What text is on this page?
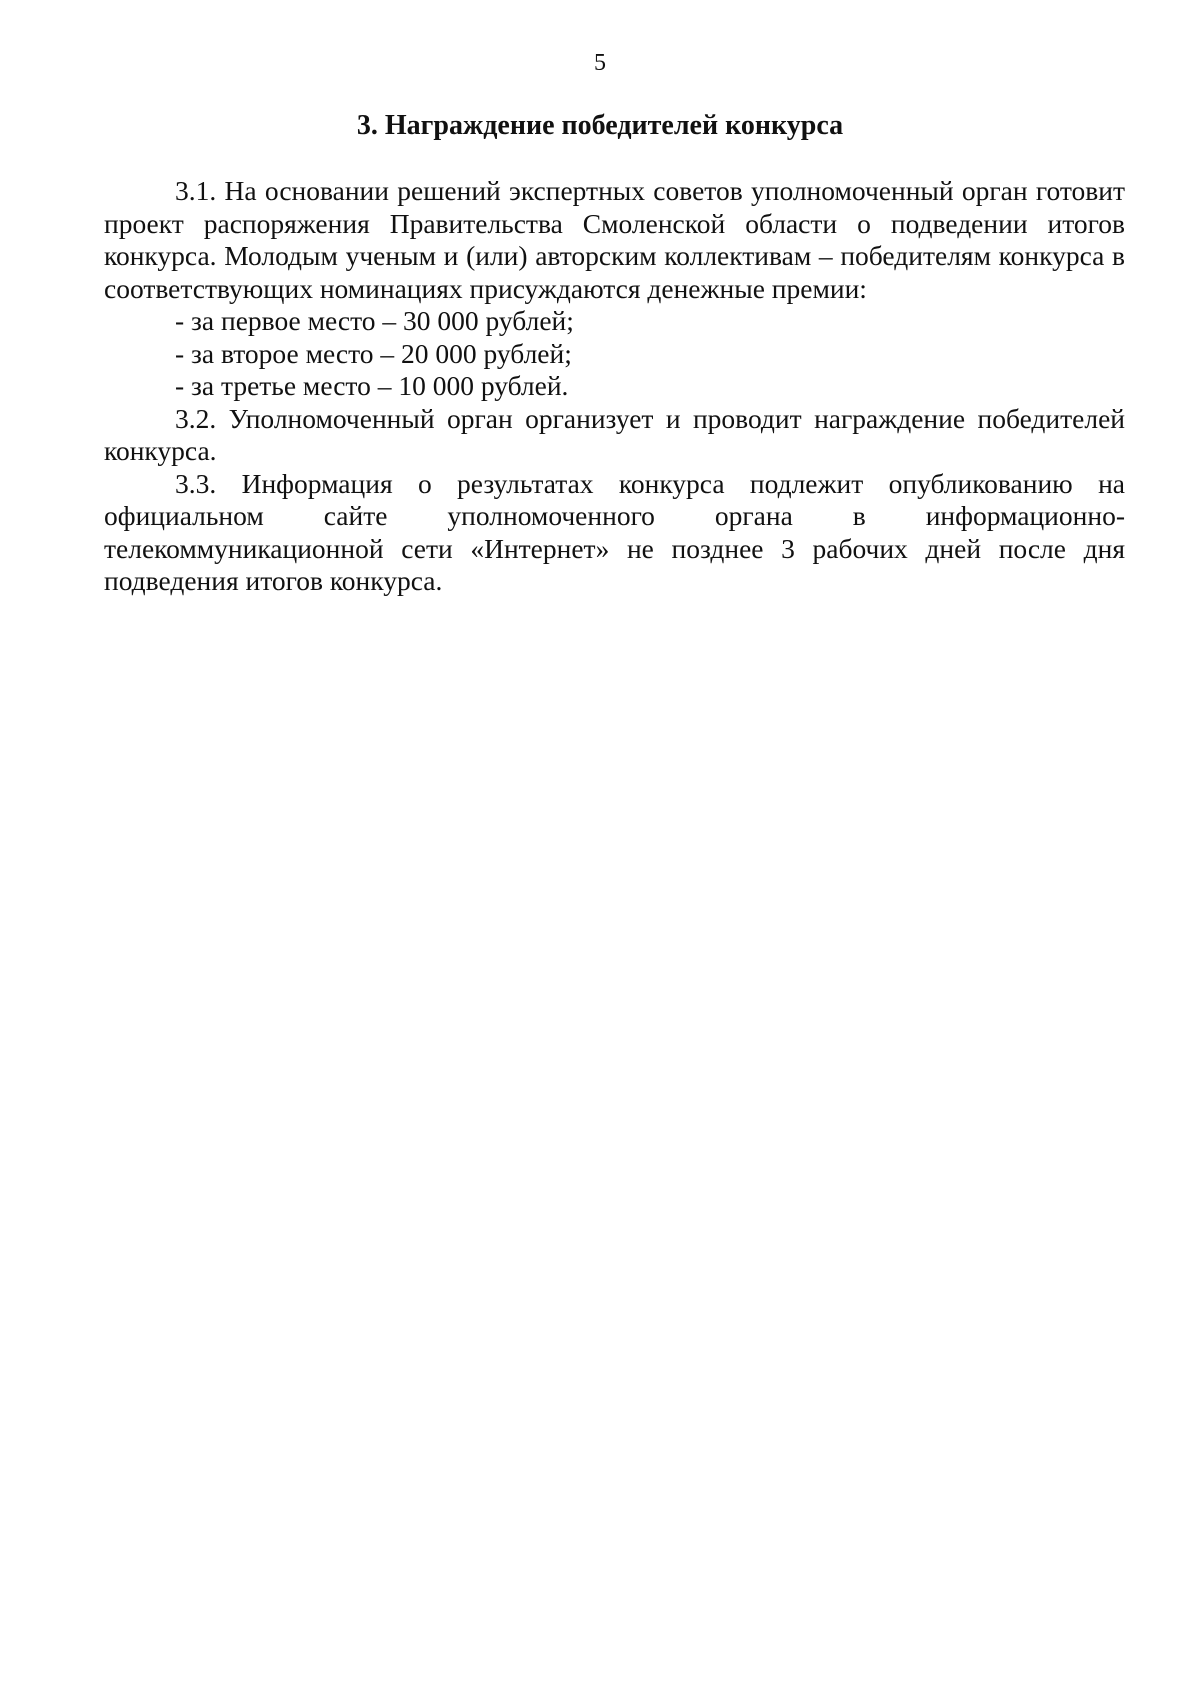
5
3. Награждение победителей конкурса

3.1. На основании решений экспертных советов уполномоченный орган готовит проект распоряжения Правительства Смоленской области о подведении итогов конкурса. Молодым ученым и (или) авторским коллективам – победителям конкурса в соответствующих номинациях присуждаются денежные премии:

- за первое место – 30 000 рублей;

- за второе место – 20 000 рублей;

- за третье место – 10 000 рублей.

3.2. Уполномоченный орган организует и проводит награждение победителей конкурса.

3.3. Информация о результатах конкурса подлежит опубликованию на официальном сайте уполномоченного органа в информационно-телекоммуникационной сети «Интернет» не позднее 3 рабочих дней после дня подведения итогов конкурса.
